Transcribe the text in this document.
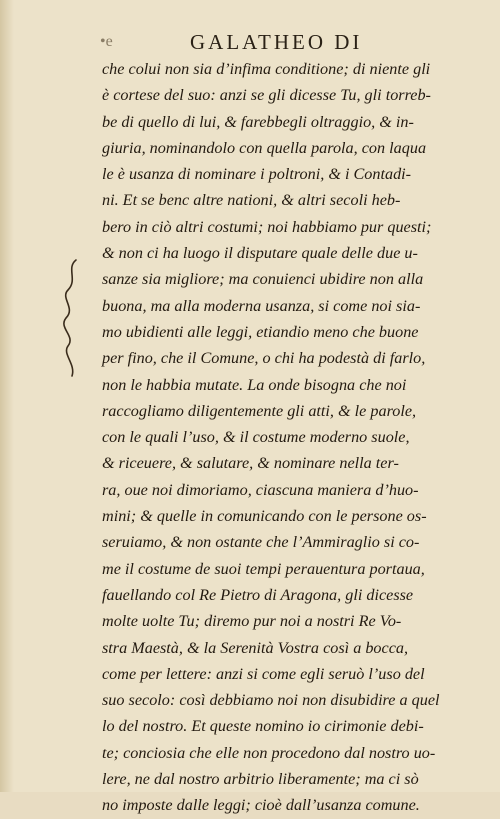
•e	GALATHEO DI
che colui non sia d’infima conditione; di niente gli
è cortese del suo: anzi se gli dicesse Tu, gli torreb-
be di quello di lui, & farebbegli oltraggio, & in-
giuria, nominandolo con quella parola, con laqua
le è usanza di nominare i poltroni, & i Contadi-
ni. Et se benc altre nationi, & altri secoli heb-
bero in ciò altri costumi; noi habbiamo pur questi;
& non ci ha luogo il disputare quale delle due u-
sanze sia migliore; ma conuienci ubidire non alla
buona, ma alla moderna usanza, si come noi sia-
mo ubidienti alle leggi, etiandio meno che buone
per fino, che il Comune, o chi ha podestà di farlo,
non le habbia mutate. La onde bisogna che noi
raccogliamo diligentemente gli atti, & le parole,
con le quali l’uso, & il costume moderno suole,
& riceuere, & salutare, & nominare nella ter-
ra, oue noi dimoriamo, ciascuna maniera d’huo-
mini; & quelle in comunicando con le persone os-
seruiamo, & non ostante che l’Ammiraglio si co-
me il costume de suoi tempi perauentura portaua,
fauellando col Re Pietro di Aragona, gli dicesse
molte uolte Tu; diremo pur noi a nostri Re Vo-
stra Maestà, & la Serenità Vostra così a bocca,
come per lettere: anzi si come egli seruò l’uso del
suo secolo: così debbiamo noi non disubidire a quel
lo del nostro. Et queste nomino io cirimonie debi-
te; conciosia che elle non procedono dal nostro uo-
lere, ne dal nostro arbitrio liberamente; ma ci sò
no imposte dalle leggi; cioè dall’usanza comune.
